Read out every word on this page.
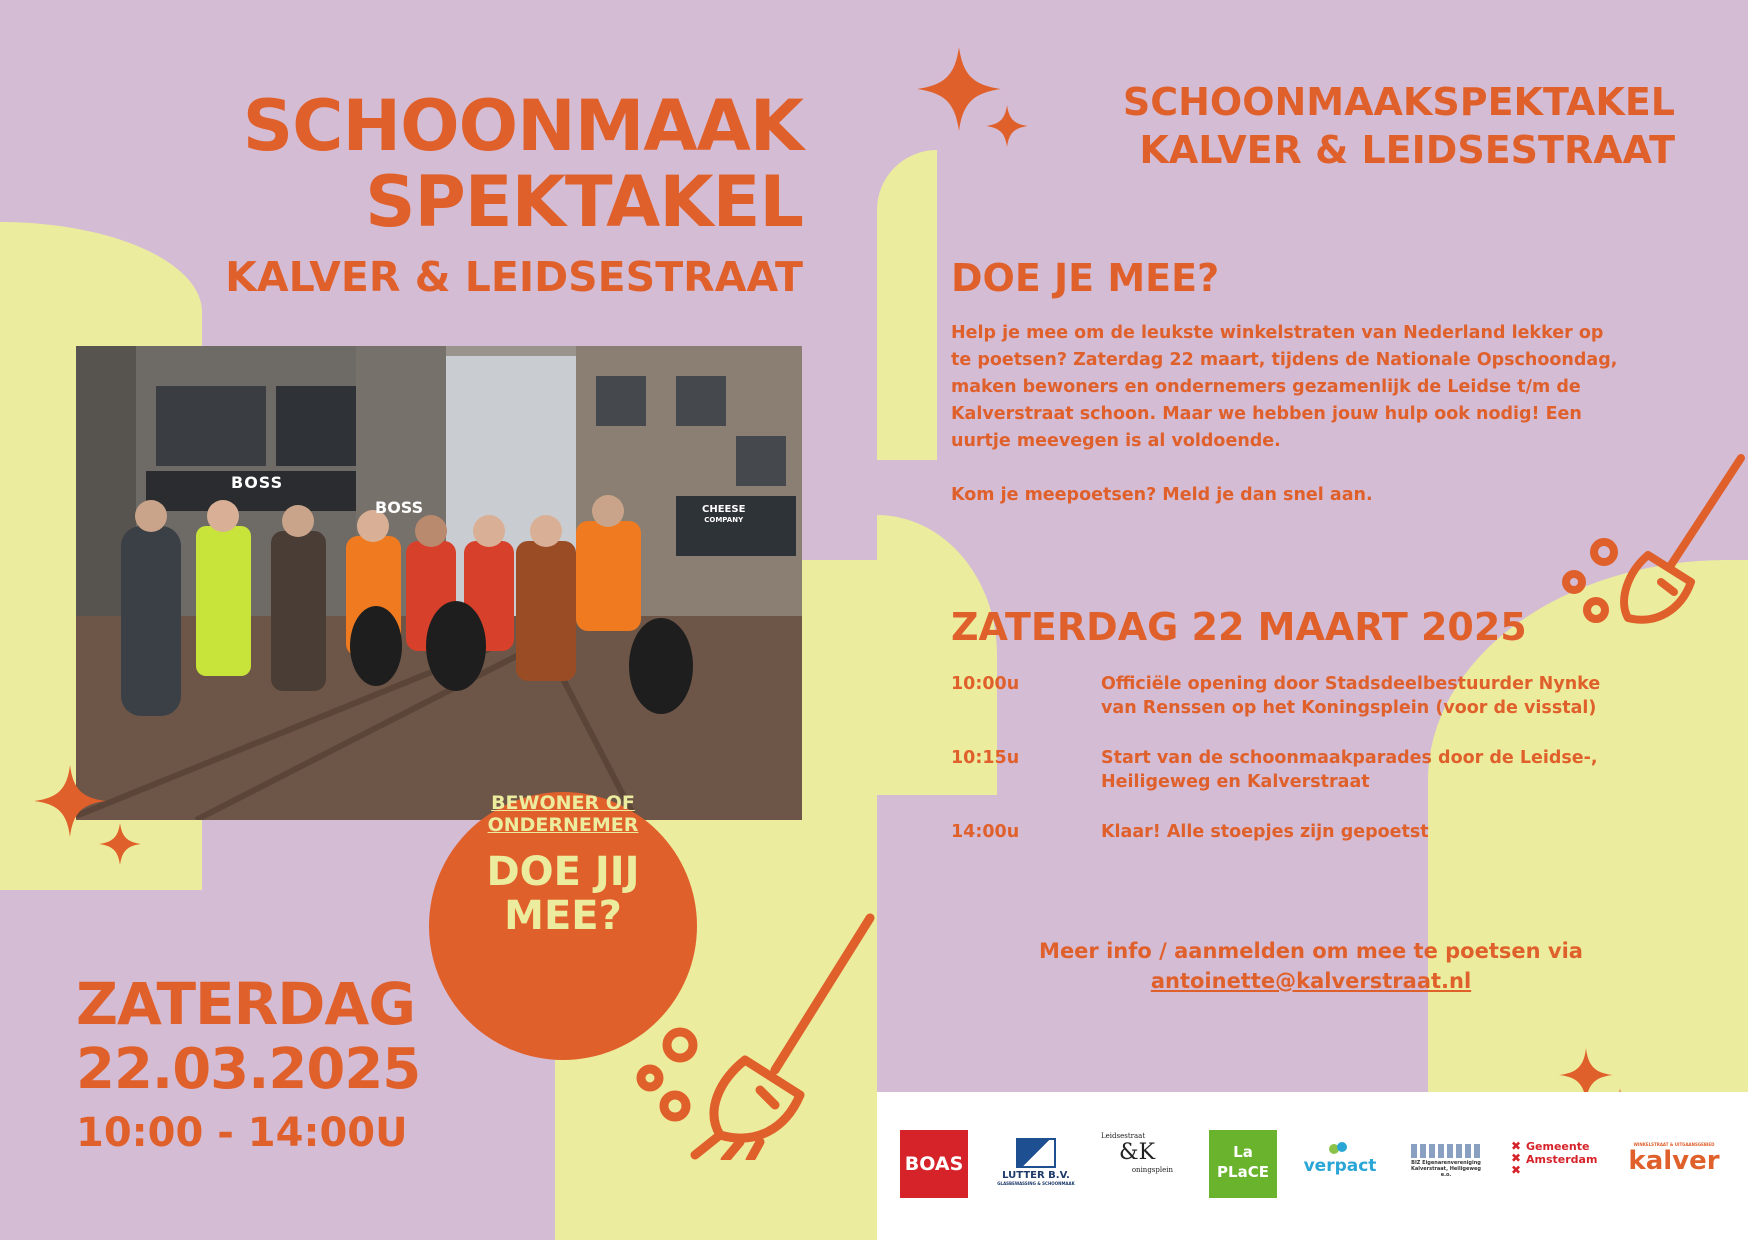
SCHOONMAAK
SPEKTAKEL
KALVER & LEIDSESTRAAT
BOSS
BOSS	CHEESE
COMPANY
BEWONER OF
ONDERNEMER
DOE JIJ
MEE?
ZATERDAG
22.03.2025
10:00 - 14:00U
SCHOONMAAKSPEKTAKEL
KALVER & LEIDSESTRAAT
DOE JE MEE?
Help je mee om de leukste winkelstraten van Nederland lekker op
te poetsen? Zaterdag 22 maart, tijdens de Nationale Opschoondag,
maken bewoners en ondernemers gezamenlijk de Leidse t/m de
Kalverstraat schoon. Maar we hebben jouw hulp ook nodig! Een
uurtje meevegen is al voldoende.
Kom je meepoetsen? Meld je dan snel aan.
ZATERDAG 22 MAART 2025
10:00u	Officiële opening door Stadsdeelbestuurder Nynke
van Renssen op het Koningsplein (voor de visstal)
10:15u	Start van de schoonmaakparades door de Leidse-,
Heiligeweg en Kalverstraat
14:00u	Klaar! Alle stoepjes zijn gepoetst
Meer info / aanmelden om mee te poetsen via
antoinette@kalverstraat.nl
BOAS
LUTTER B.V.
GLASBEWASSING & SCHOONMAAK
Leidsestraat
&K
oningsplein
La
PLaCE	verpact	BIZ Eigenarenvereniging
Kalverstraat, Heiligeweg e.o.
✖
✖
✖
Gemeente
Amsterdam
WINKELSTRAAT & UITGAANSGEBIED
kalver
